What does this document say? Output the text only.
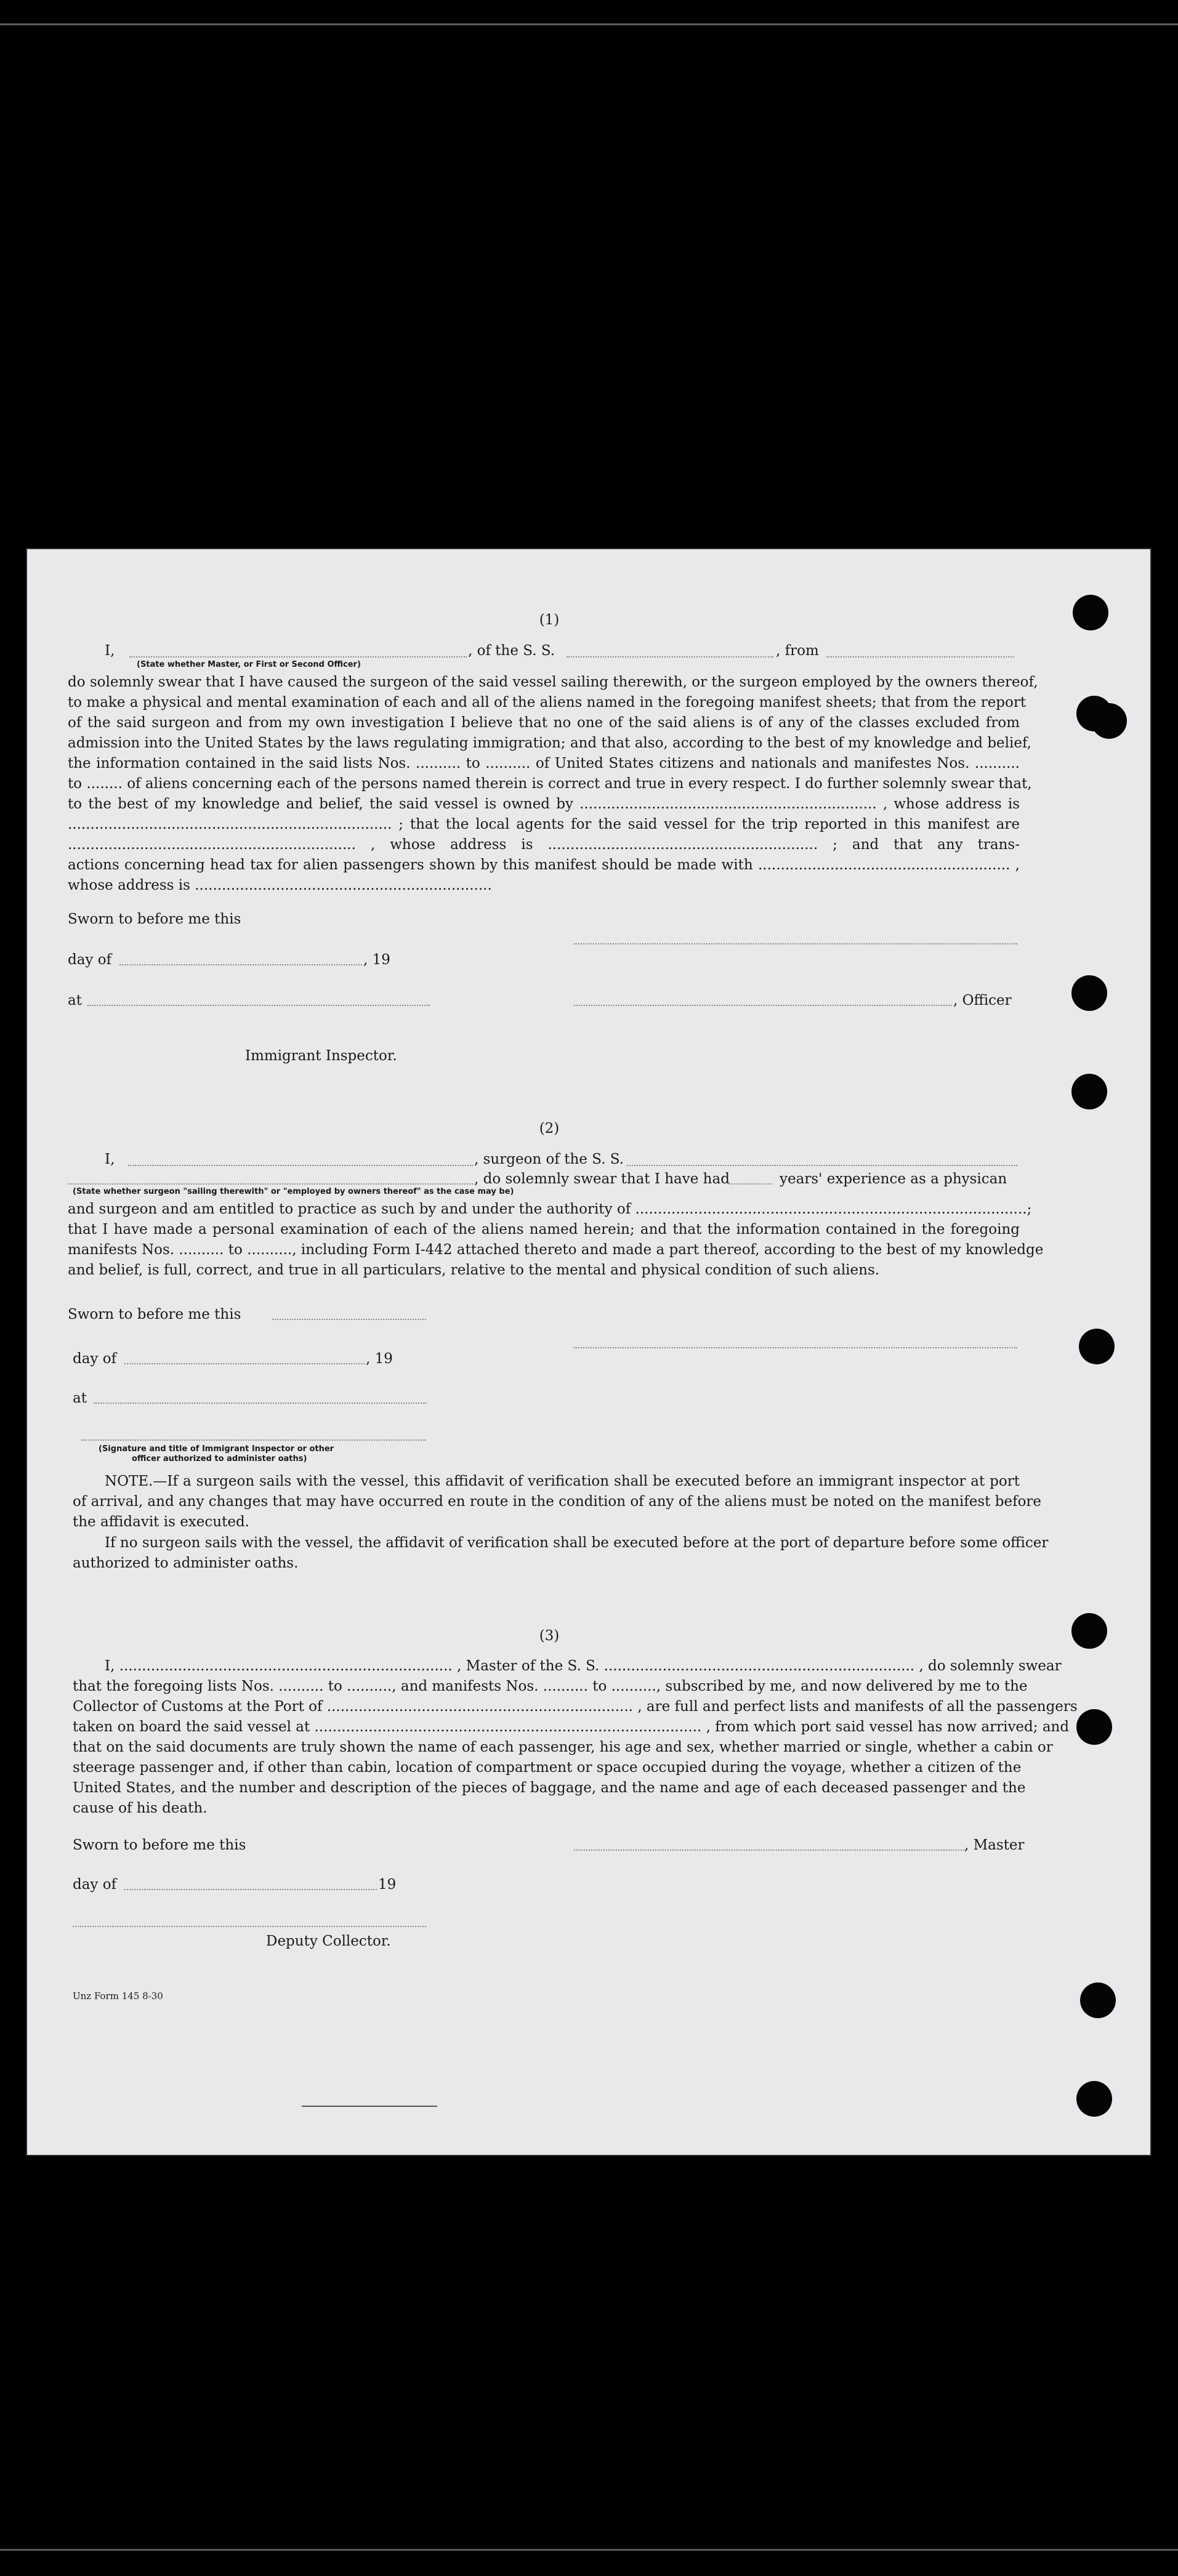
(1)
I,	, of the S. S.	, from
(State whether Master, or First or Second Officer)
do solemnly swear that I have caused the surgeon of the said vessel sailing therewith, or the surgeon employed by the owners thereof,
to make a physical and mental examination of each and all of the aliens named in the foregoing manifest sheets; that from the report
of the said surgeon and from my own investigation I believe that no one of the said aliens is of any of the classes excluded from
admission into the United States by the laws regulating immigration; and that also, according to the best of my knowledge and belief,
the information contained in the said lists Nos. .......... to .......... of United States citizens and nationals and manifestes Nos. ..........
to ........ of aliens concerning each of the persons named therein is correct and true in every respect. I do further solemnly swear that,
to the best of my knowledge and belief, the said vessel is owned by .................................................................. , whose address is
........................................................................ ; that the local agents for the said vessel for the trip reported in this manifest are
................................................................ , whose address is ............................................................ ; and that any trans-
actions concerning head tax for alien passengers shown by this manifest should be made with ........................................................ ,
whose address is ..................................................................
Sworn to before me this
day of	, 19
at	, Officer
Immigrant Inspector.
(2)
I,	, surgeon of the S. S.
, do solemnly swear that I have had	years' experience as a physican
(State whether surgeon "sailing therewith" or "employed by owners thereof" as the case may be)
and surgeon and am entitled to practice as such by and under the authority of .......................................................................................;
that I have made a personal examination of each of the aliens named herein; and that the information contained in the foregoing
manifests Nos. .......... to .........., including Form I-442 attached thereto and made a part thereof, according to the best of my knowledge
and belief, is full, correct, and true in all particulars, relative to the mental and physical condition of such aliens.
Sworn to before me this
day of	, 19
at
(Signature and title of Immigrant Inspector or other
officer authorized to administer oaths)
NOTE.—If a surgeon sails with the vessel, this affidavit of verification shall be executed before an immigrant inspector at port
of arrival, and any changes that may have occurred en route in the condition of any of the aliens must be noted on the manifest before
the affidavit is executed.
If no surgeon sails with the vessel, the affidavit of verification shall be executed before at the port of departure before some officer
authorized to administer oaths.
(3)
I, .......................................................................... , Master of the S. S. ..................................................................... , do solemnly swear
that the foregoing lists Nos. .......... to .........., and manifests Nos. .......... to .........., subscribed by me, and now delivered by me to the
Collector of Customs at the Port of .................................................................... , are full and perfect lists and manifests of all the passengers
taken on board the said vessel at ...................................................................................... , from which port said vessel has now arrived; and
that on the said documents are truly shown the name of each passenger, his age and sex, whether married or single, whether a cabin or
steerage passenger and, if other than cabin, location of compartment or space occupied during the voyage, whether a citizen of the
United States, and the number and description of the pieces of baggage, and the name and age of each deceased passenger and the
cause of his death.
Sworn to before me this	, Master
day of	19
Deputy Collector.
Unz Form 145 8-30
